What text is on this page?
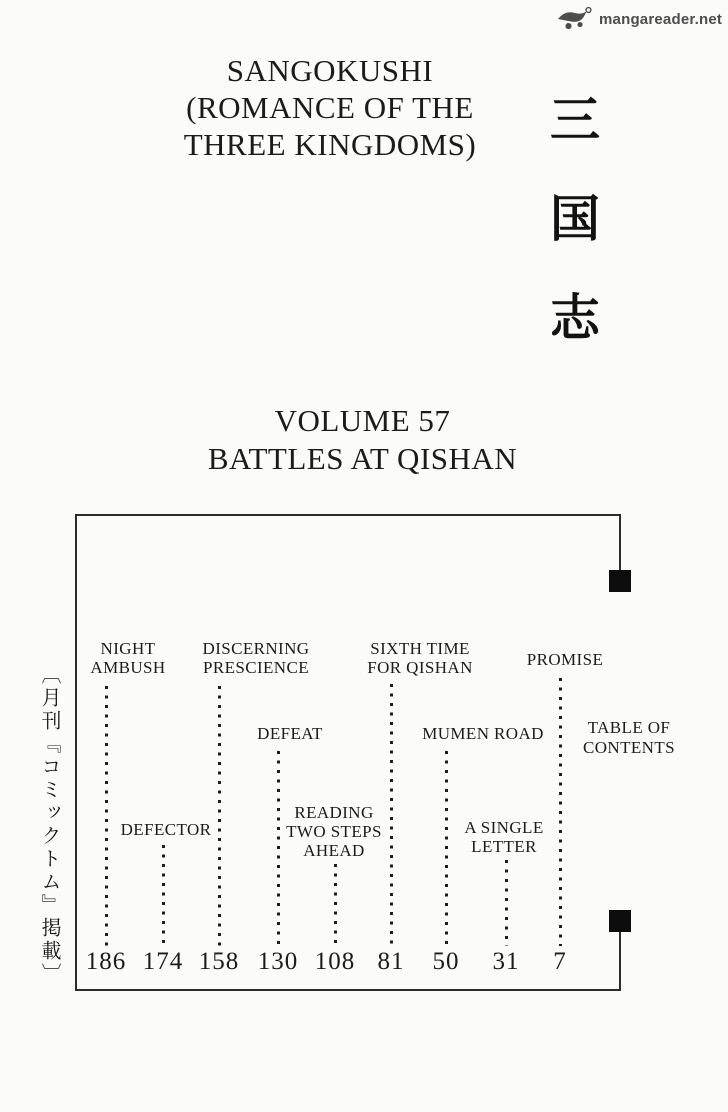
mangareader.net
SANGOKUSHI
(ROMANCE OF THE
THREE KINGDOMS)	三国志
VOLUME 57
BATTLES AT QISHAN
〔月刊『コミックトム』掲載〕	TABLE OF
CONTENTS
NIGHT
AMBUSH
186
DEFECTOR
174
DISCERNING
PRESCIENCE
158
DEFEAT
130
READING
TWO STEPS
AHEAD
108
SIXTH TIME
FOR QISHAN
81
MUMEN ROAD
50
A SINGLE
LETTER
31
PROMISE
7
